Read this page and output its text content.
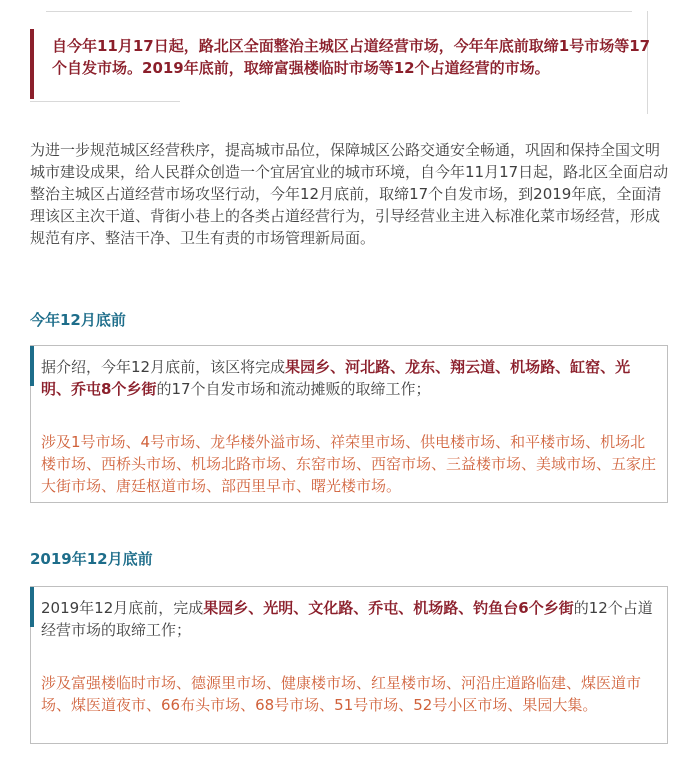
自今年11月17日起，路北区全面整治主城区占道经营市场，今年年底前取缔1号市场等17个自发市场。2019年底前，取缔富强楼临时市场等12个占道经营的市场。

为进一步规范城区经营秩序，提高城市品位，保障城区公路交通安全畅通，巩固和保持全国文明城市建设成果，给人民群众创造一个宜居宜业的城市环境，自今年11月17日起，路北区全面启动整治主城区占道经营市场攻坚行动，今年12月底前，取缔17个自发市场，到2019年底，全面清理该区主次干道、背街小巷上的各类占道经营行为，引导经营业主进入标准化菜市场经营，形成规范有序、整洁干净、卫生有责的市场管理新局面。

今年12月底前

据介绍，今年12月底前，该区将完成果园乡、河北路、龙东、翔云道、机场路、缸窑、光明、乔屯8个乡街的17个自发市场和流动摊贩的取缔工作；

涉及1号市场、4号市场、龙华楼外溢市场、祥荣里市场、供电楼市场、和平楼市场、机场北楼市场、西桥头市场、机场北路市场、东窑市场、西窑市场、三益楼市场、美域市场、五家庄大街市场、唐廷枢道市场、部西里早市、曙光楼市场。

2019年12月底前

2019年12月底前，完成果园乡、光明、文化路、乔屯、机场路、钓鱼台6个乡街的12个占道经营市场的取缔工作；

涉及富强楼临时市场、德源里市场、健康楼市场、红星楼市场、河沿庄道路临建、煤医道市场、煤医道夜市、66布头市场、68号市场、51号市场、52号小区市场、果园大集。
